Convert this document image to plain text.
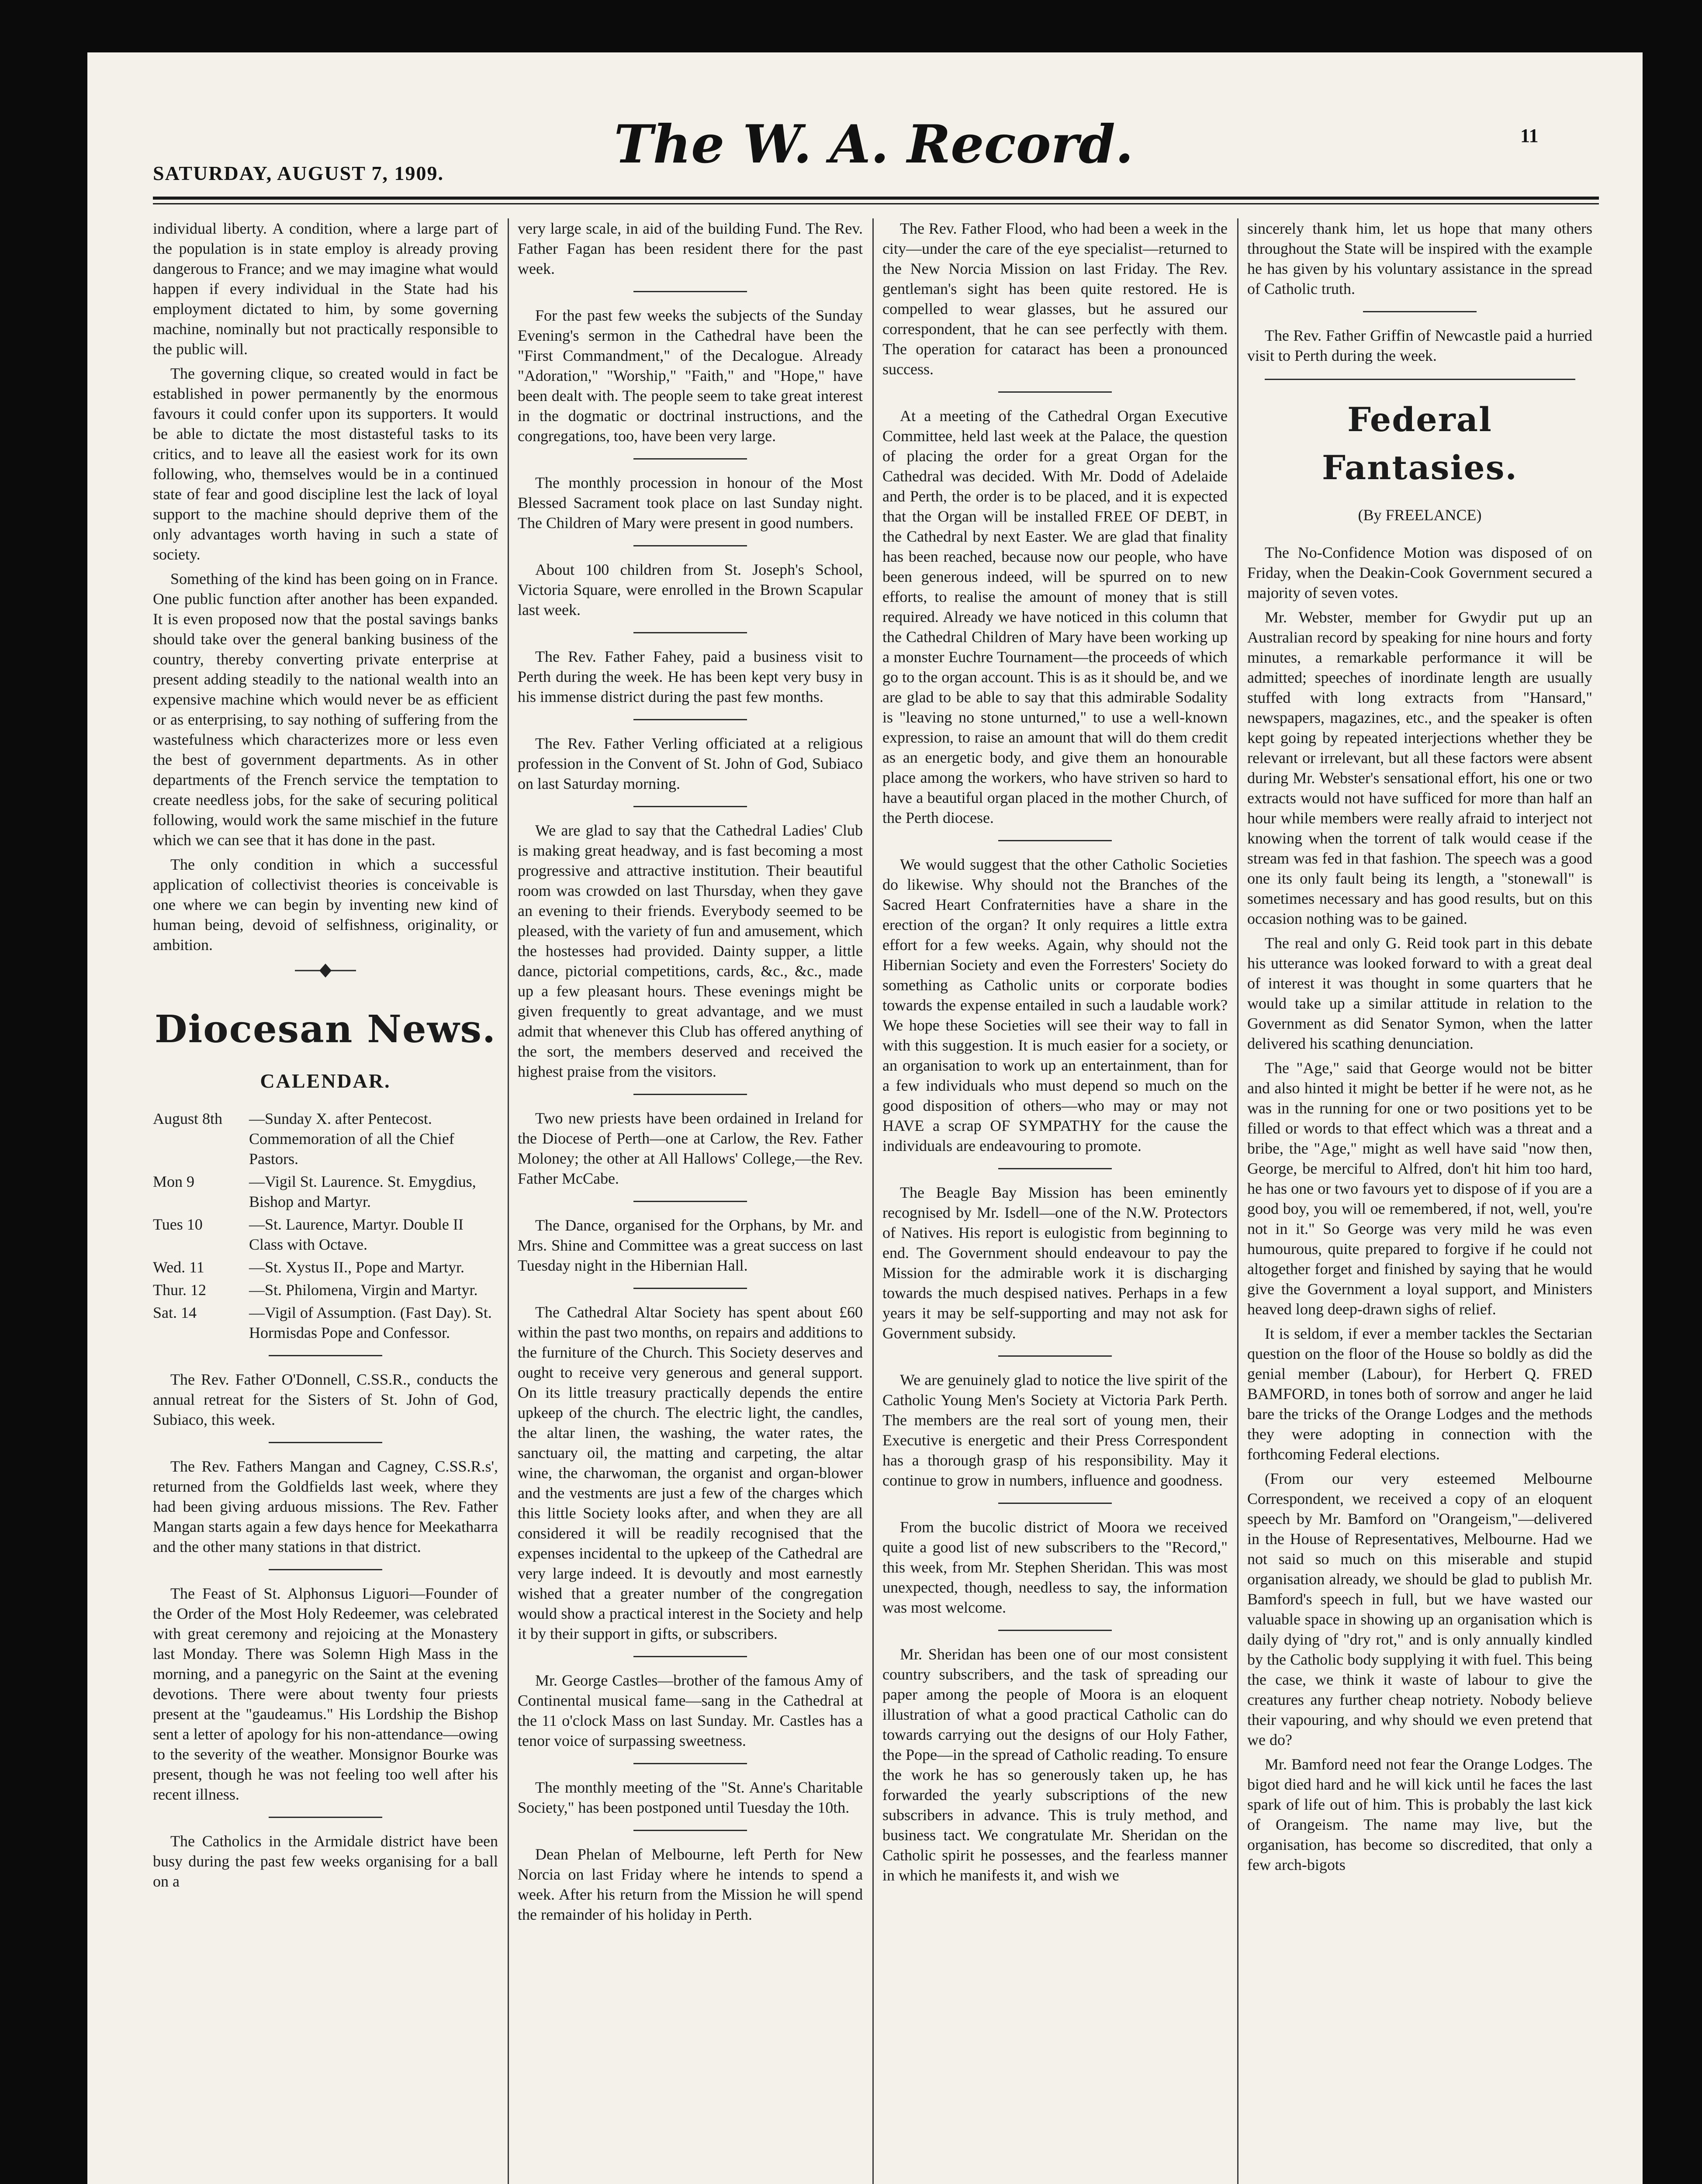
SATURDAY, AUGUST 7, 1909.	The W. A. Record.	11

individual liberty. A condition, where a large part of the population is in state employ is already proving dangerous to France; and we may imagine what would happen if every individual in the State had his employment dictated to him, by some governing machine, nominally but not practically responsible to the public will.

The governing clique, so created would in fact be established in power permanently by the enormous favours it could confer upon its supporters. It would be able to dictate the most distasteful tasks to its critics, and to leave all the easiest work for its own following, who, themselves would be in a continued state of fear and good discipline lest the lack of loyal support to the machine should deprive them of the only advantages worth having in such a state of society.

Something of the kind has been going on in France. One public function after another has been expanded. It is even proposed now that the postal savings banks should take over the general banking business of the country, thereby converting private enterprise at present adding steadily to the national wealth into an expensive machine which would never be as efficient or as enterprising, to say nothing of suffering from the wastefulness which characterizes more or less even the best of government departments. As in other departments of the French service the temptation to create needless jobs, for the sake of securing political following, would work the same mischief in the future which we can see that it has done in the past.

The only condition in which a successful application of collectivist theories is conceivable is one where we can begin by inventing new kind of human being, devoid of selfishness, originality, or ambition.

Diocesan News.
CALENDAR.
August 8th	—Sunday X. after Pentecost. Commemoration of all the Chief Pastors.
Mon 9	—Vigil St. Laurence. St. Emygdius, Bishop and Martyr.
Tues 10	—St. Laurence, Martyr. Double II Class with Octave.
Wed. 11	—St. Xystus II., Pope and Martyr.
Thur. 12	—St. Philomena, Virgin and Martyr.
Sat. 14	—Vigil of Assumption. (Fast Day). St. Hormisdas Pope and Confessor.

The Rev. Father O'Donnell, C.SS.R., conducts the annual retreat for the Sisters of St. John of God, Subiaco, this week.

The Rev. Fathers Mangan and Cagney, C.SS.R.s', returned from the Goldfields last week, where they had been giving arduous missions. The Rev. Father Mangan starts again a few days hence for Meekatharra and the other many stations in that district.

The Feast of St. Alphonsus Liguori—Founder of the Order of the Most Holy Redeemer, was celebrated with great ceremony and rejoicing at the Monastery last Monday. There was Solemn High Mass in the morning, and a panegyric on the Saint at the evening devotions. There were about twenty four priests present at the "gaudeamus." His Lordship the Bishop sent a letter of apology for his non-attendance—owing to the severity of the weather. Monsignor Bourke was present, though he was not feeling too well after his recent illness.

The Catholics in the Armidale district have been busy during the past few weeks organising for a ball on a

very large scale, in aid of the building Fund. The Rev. Father Fagan has been resident there for the past week.

For the past few weeks the subjects of the Sunday Evening's sermon in the Cathedral have been the "First Commandment," of the Decalogue. Already "Adoration," "Worship," "Faith," and "Hope," have been dealt with. The people seem to take great interest in the dogmatic or doctrinal instructions, and the congregations, too, have been very large.

The monthly procession in honour of the Most Blessed Sacrament took place on last Sunday night. The Children of Mary were present in good numbers.

About 100 children from St. Joseph's School, Victoria Square, were enrolled in the Brown Scapular last week.

The Rev. Father Fahey, paid a business visit to Perth during the week. He has been kept very busy in his immense district during the past few months.

The Rev. Father Verling officiated at a religious profession in the Convent of St. John of God, Subiaco on last Saturday morning.

We are glad to say that the Cathedral Ladies' Club is making great headway, and is fast becoming a most progressive and attractive institution. Their beautiful room was crowded on last Thursday, when they gave an evening to their friends. Everybody seemed to be pleased, with the variety of fun and amusement, which the hostesses had provided. Dainty supper, a little dance, pictorial competitions, cards, &c., &c., made up a few pleasant hours. These evenings might be given frequently to great advantage, and we must admit that whenever this Club has offered anything of the sort, the members deserved and received the highest praise from the visitors.

Two new priests have been ordained in Ireland for the Diocese of Perth—one at Carlow, the Rev. Father Moloney; the other at All Hallows' College,—the Rev. Father McCabe.

The Dance, organised for the Orphans, by Mr. and Mrs. Shine and Committee was a great success on last Tuesday night in the Hibernian Hall.

The Cathedral Altar Society has spent about £60 within the past two months, on repairs and additions to the furniture of the Church. This Society deserves and ought to receive very generous and general support. On its little treasury practically depends the entire upkeep of the church. The electric light, the candles, the altar linen, the washing, the water rates, the sanctuary oil, the matting and carpeting, the altar wine, the charwoman, the organist and organ-blower and the vestments are just a few of the charges which this little Society looks after, and when they are all considered it will be readily recognised that the expenses incidental to the upkeep of the Cathedral are very large indeed. It is devoutly and most earnestly wished that a greater number of the congregation would show a practical interest in the Society and help it by their support in gifts, or subscribers.

Mr. George Castles—brother of the famous Amy of Continental musical fame—sang in the Cathedral at the 11 o'clock Mass on last Sunday. Mr. Castles has a tenor voice of surpassing sweetness.

The monthly meeting of the "St. Anne's Charitable Society," has been postponed until Tuesday the 10th.

Dean Phelan of Melbourne, left Perth for New Norcia on last Friday where he intends to spend a week. After his return from the Mission he will spend the remainder of his holiday in Perth.

The Rev. Father Flood, who had been a week in the city—under the care of the eye specialist—returned to the New Norcia Mission on last Friday. The Rev. gentleman's sight has been quite restored. He is compelled to wear glasses, but he assured our correspondent, that he can see perfectly with them. The operation for cataract has been a pronounced success.

At a meeting of the Cathedral Organ Executive Committee, held last week at the Palace, the question of placing the order for a great Organ for the Cathedral was decided. With Mr. Dodd of Adelaide and Perth, the order is to be placed, and it is expected that the Organ will be installed FREE OF DEBT, in the Cathedral by next Easter. We are glad that finality has been reached, because now our people, who have been generous indeed, will be spurred on to new efforts, to realise the amount of money that is still required. Already we have noticed in this column that the Cathedral Children of Mary have been working up a monster Euchre Tournament—the proceeds of which go to the organ account. This is as it should be, and we are glad to be able to say that this admirable Sodality is "leaving no stone unturned," to use a well-known expression, to raise an amount that will do them credit as an energetic body, and give them an honourable place among the workers, who have striven so hard to have a beautiful organ placed in the mother Church, of the Perth diocese.

We would suggest that the other Catholic Societies do likewise. Why should not the Branches of the Sacred Heart Confraternities have a share in the erection of the organ? It only requires a little extra effort for a few weeks. Again, why should not the Hibernian Society and even the Forresters' Society do something as Catholic units or corporate bodies towards the expense entailed in such a laudable work? We hope these Societies will see their way to fall in with this suggestion. It is much easier for a society, or an organisation to work up an entertainment, than for a few individuals who must depend so much on the good disposition of others—who may or may not HAVE a scrap OF SYMPATHY for the cause the individuals are endeavouring to promote.

The Beagle Bay Mission has been eminently recognised by Mr. Isdell—one of the N.W. Protectors of Natives. His report is eulogistic from beginning to end. The Government should endeavour to pay the Mission for the admirable work it is discharging towards the much despised natives. Perhaps in a few years it may be self-supporting and may not ask for Government subsidy.

We are genuinely glad to notice the live spirit of the Catholic Young Men's Society at Victoria Park Perth. The members are the real sort of young men, their Executive is energetic and their Press Correspondent has a thorough grasp of his responsibility. May it continue to grow in numbers, influence and goodness.

From the bucolic district of Moora we received quite a good list of new subscribers to the "Record," this week, from Mr. Stephen Sheridan. This was most unexpected, though, needless to say, the information was most welcome.

Mr. Sheridan has been one of our most consistent country subscribers, and the task of spreading our paper among the people of Moora is an eloquent illustration of what a good practical Catholic can do towards carrying out the designs of our Holy Father, the Pope—in the spread of Catholic reading. To ensure the work he has so generously taken up, he has forwarded the yearly subscriptions of the new subscribers in advance. This is truly method, and business tact. We congratulate Mr. Sheridan on the Catholic spirit he possesses, and the fearless manner in which he manifests it, and wish we

sincerely thank him, let us hope that many others throughout the State will be inspired with the example he has given by his voluntary assistance in the spread of Catholic truth.

The Rev. Father Griffin of Newcastle paid a hurried visit to Perth during the week.

Federal Fantasies.
(By FREELANCE)

The No-Confidence Motion was disposed of on Friday, when the Deakin-Cook Government secured a majority of seven votes.

Mr. Webster, member for Gwydir put up an Australian record by speaking for nine hours and forty minutes, a remarkable performance it will be admitted; speeches of inordinate length are usually stuffed with long extracts from "Hansard," newspapers, magazines, etc., and the speaker is often kept going by repeated interjections whether they be relevant or irrelevant, but all these factors were absent during Mr. Webster's sensational effort, his one or two extracts would not have sufficed for more than half an hour while members were really afraid to interject not knowing when the torrent of talk would cease if the stream was fed in that fashion. The speech was a good one its only fault being its length, a "stonewall" is sometimes necessary and has good results, but on this occasion nothing was to be gained.

The real and only G. Reid took part in this debate his utterance was looked forward to with a great deal of interest it was thought in some quarters that he would take up a similar attitude in relation to the Government as did Senator Symon, when the latter delivered his scathing denunciation.

The "Age," said that George would not be bitter and also hinted it might be better if he were not, as he was in the running for one or two positions yet to be filled or words to that effect which was a threat and a bribe, the "Age," might as well have said "now then, George, be merciful to Alfred, don't hit him too hard, he has one or two favours yet to dispose of if you are a good boy, you will oe remembered, if not, well, you're not in it." So George was very mild he was even humourous, quite prepared to forgive if he could not altogether forget and finished by saying that he would give the Government a loyal support, and Ministers heaved long deep-drawn sighs of relief.

It is seldom, if ever a member tackles the Sectarian question on the floor of the House so boldly as did the genial member (Labour), for Herbert Q. FRED BAMFORD, in tones both of sorrow and anger he laid bare the tricks of the Orange Lodges and the methods they were adopting in connection with the forthcoming Federal elections.

(From our very esteemed Melbourne Correspondent, we received a copy of an eloquent speech by Mr. Bamford on "Orangeism,"—delivered in the House of Representatives, Melbourne. Had we not said so much on this miserable and stupid organisation already, we should be glad to publish Mr. Bamford's speech in full, but we have wasted our valuable space in showing up an organisation which is daily dying of "dry rot," and is only annually kindled by the Catholic body supplying it with fuel. This being the case, we think it waste of labour to give the creatures any further cheap notriety. Nobody believe their vapouring, and why should we even pretend that we do?

Mr. Bamford need not fear the Orange Lodges. The bigot died hard and he will kick until he faces the last spark of life out of him. This is probably the last kick of Orangeism. The name may live, but the organisation, has become so discredited, that only a few arch-bigots
